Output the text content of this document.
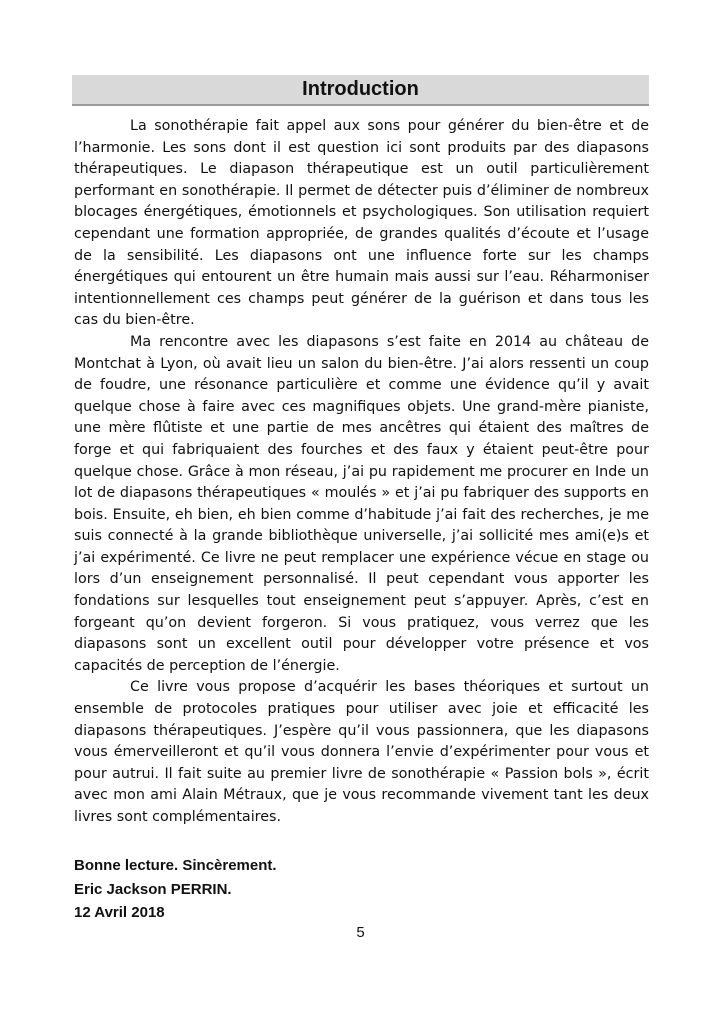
Introduction

La sonothérapie fait appel aux sons pour générer du bien-être et de l’harmonie. Les sons dont il est question ici sont produits par des diapasons thérapeutiques. Le diapason thérapeutique est un outil particulièrement performant en sonothérapie. Il permet de détecter puis d’éliminer de nombreux blocages énergétiques, émotionnels et psychologiques. Son utilisation requiert cependant une formation appropriée, de grandes qualités d’écoute et l’usage de la sensibilité. Les diapasons ont une influence forte sur les champs énergétiques qui entourent un être humain mais aussi sur l’eau. Réharmoniser intentionnellement ces champs peut générer de la guérison et dans tous les cas du bien-être.

Ma rencontre avec les diapasons s’est faite en 2014 au château de Montchat à Lyon, où avait lieu un salon du bien-être. J’ai alors ressenti un coup de foudre, une résonance particulière et comme une évidence qu’il y avait quelque chose à faire avec ces magnifiques objets. Une grand-mère pianiste, une mère flûtiste et une partie de mes ancêtres qui étaient des maîtres de forge et qui fabriquaient des fourches et des faux y étaient peut-être pour quelque chose. Grâce à mon réseau, j’ai pu rapidement me procurer en Inde un lot de diapasons thérapeutiques « moulés » et j’ai pu fabriquer des supports en bois. Ensuite, eh bien, eh bien comme d’habitude j’ai fait des recherches, je me suis connecté à la grande bibliothèque universelle, j’ai sollicité mes ami(e)s et j’ai expérimenté. Ce livre ne peut remplacer une expérience vécue en stage ou lors d’un enseignement personnalisé. Il peut cependant vous apporter les fondations sur lesquelles tout enseignement peut s’appuyer. Après, c’est en forgeant qu’on devient forgeron. Si vous pratiquez, vous verrez que les diapasons sont un excellent outil pour développer votre présence et vos capacités de perception de l’énergie.

Ce livre vous propose d’acquérir les bases théoriques et surtout un ensemble de protocoles pratiques pour utiliser avec joie et efficacité les diapasons thérapeutiques. J’espère qu’il vous passionnera, que les diapasons vous émerveilleront et qu’il vous donnera l’envie d’expérimenter pour vous et pour autrui. Il fait suite au premier livre de sonothérapie « Passion bols », écrit avec mon ami Alain Métraux, que je vous recommande vivement tant les deux livres sont complémentaires.

Bonne lecture. Sincèrement.
Eric Jackson PERRIN.
12 Avril 2018
5
